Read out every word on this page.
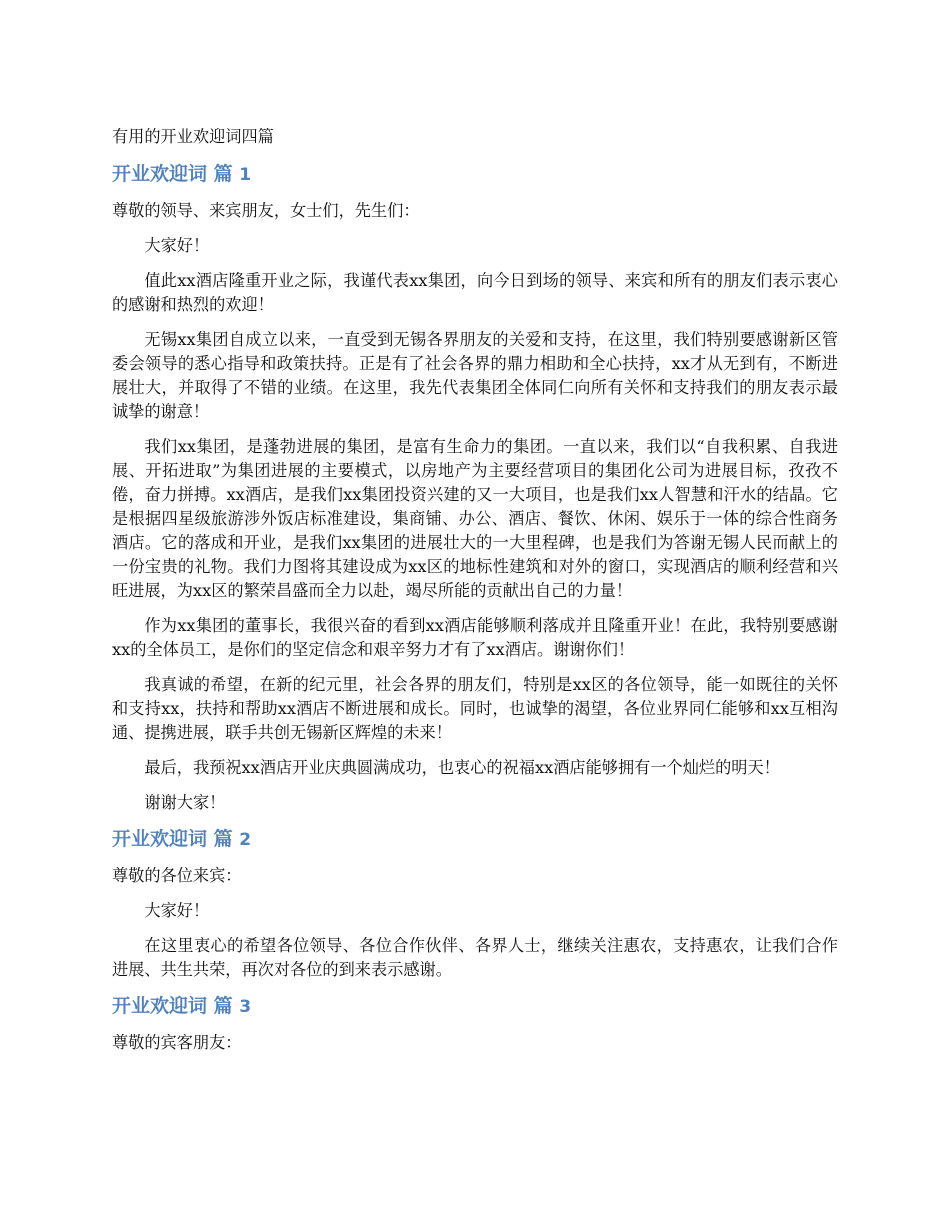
有用的开业欢迎词四篇
开业欢迎词 篇 1

尊敬的领导、来宾朋友，女士们，先生们：

大家好！

值此xx酒店隆重开业之际，我谨代表xx集团，向今日到场的领导、来宾和所有的朋友们表示衷心的感谢和热烈的欢迎！

无锡xx集团自成立以来，一直受到无锡各界朋友的关爱和支持，在这里，我们特别要感谢新区管委会领导的悉心指导和政策扶持。正是有了社会各界的鼎力相助和全心扶持，xx才从无到有，不断进展壮大，并取得了不错的业绩。在这里，我先代表集团全体同仁向所有关怀和支持我们的朋友表示最诚挚的谢意！

我们xx集团，是蓬勃进展的集团，是富有生命力的集团。一直以来，我们以“自我积累、自我进展、开拓进取”为集团进展的主要模式，以房地产为主要经营项目的集团化公司为进展目标，孜孜不倦，奋力拼搏。xx酒店，是我们xx集团投资兴建的又一大项目，也是我们xx人智慧和汗水的结晶。它是根据四星级旅游涉外饭店标准建设，集商铺、办公、酒店、餐饮、休闲、娱乐于一体的综合性商务酒店。它的落成和开业，是我们xx集团的进展壮大的一大里程碑，也是我们为答谢无锡人民而献上的一份宝贵的礼物。我们力图将其建设成为xx区的地标性建筑和对外的窗口，实现酒店的顺利经营和兴旺进展，为xx区的繁荣昌盛而全力以赴，竭尽所能的贡献出自己的力量！

作为xx集团的董事长，我很兴奋的看到xx酒店能够顺利落成并且隆重开业！在此，我特别要感谢xx的全体员工，是你们的坚定信念和艰辛努力才有了xx酒店。谢谢你们！

我真诚的希望，在新的纪元里，社会各界的朋友们，特别是xx区的各位领导，能一如既往的关怀和支持xx，扶持和帮助xx酒店不断进展和成长。同时，也诚挚的渴望，各位业界同仁能够和xx互相沟通、提携进展，联手共创无锡新区辉煌的未来！

最后，我预祝xx酒店开业庆典圆满成功，也衷心的祝福xx酒店能够拥有一个灿烂的明天！

谢谢大家！

开业欢迎词 篇 2

尊敬的各位来宾：

大家好！

在这里衷心的希望各位领导、各位合作伙伴、各界人士，继续关注惠农，支持惠农，让我们合作进展、共生共荣，再次对各位的到来表示感谢。

开业欢迎词 篇 3

尊敬的宾客朋友：
